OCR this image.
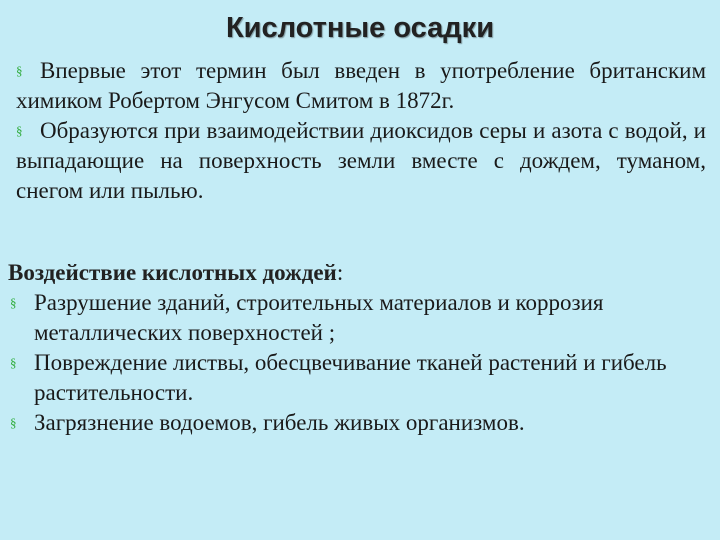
Кислотные осадки

§ Впервые этот термин был введен в употребление британским химиком Робертом Энгусом Смитом в 1872г.

§ Образуются при взаимодействии диоксидов серы и азота с водой, и выпадающие на поверхность земли вместе с дождем, туманом, снегом или пылью.

Воздействие кислотных дождей:
§ Разрушение зданий, строительных материалов и коррозия металлических поверхностей ;
§ Повреждение листвы, обесцвечивание тканей растений и гибель растительности.
§ Загрязнение водоемов, гибель живых организмов.
